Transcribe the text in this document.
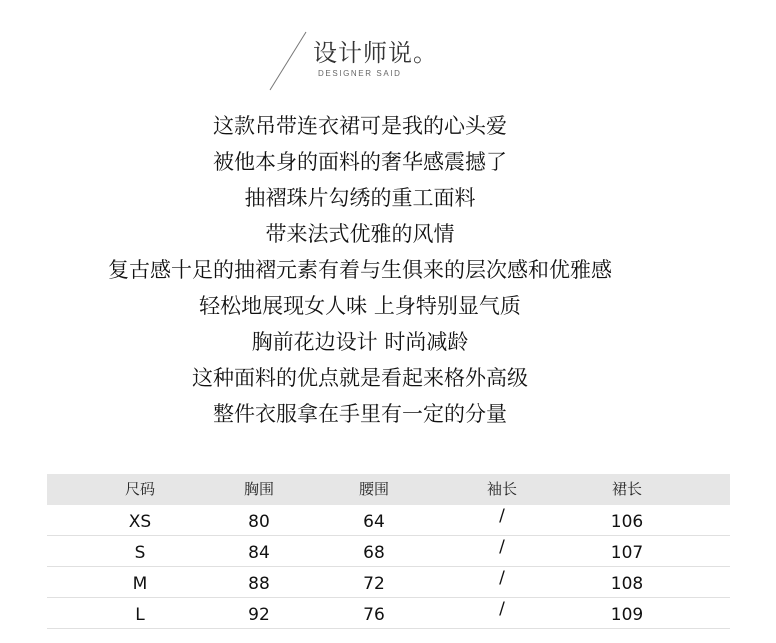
设计师说。
DESIGNER SAID
这款吊带连衣裙可是我的心头爱
被他本身的面料的奢华感震撼了
抽褶珠片勾绣的重工面料
带来法式优雅的风情
复古感十足的抽褶元素有着与生俱来的层次感和优雅感
轻松地展现女人味 上身特别显气质
胸前花边设计 时尚减龄
这种面料的优点就是看起来格外高级
整件衣服拿在手里有一定的分量
尺码	胸围	腰围	袖长	裙长
XS	80	64	/	106
S	84	68	/	107
M	88	72	/	108
L	92	76	/	109
